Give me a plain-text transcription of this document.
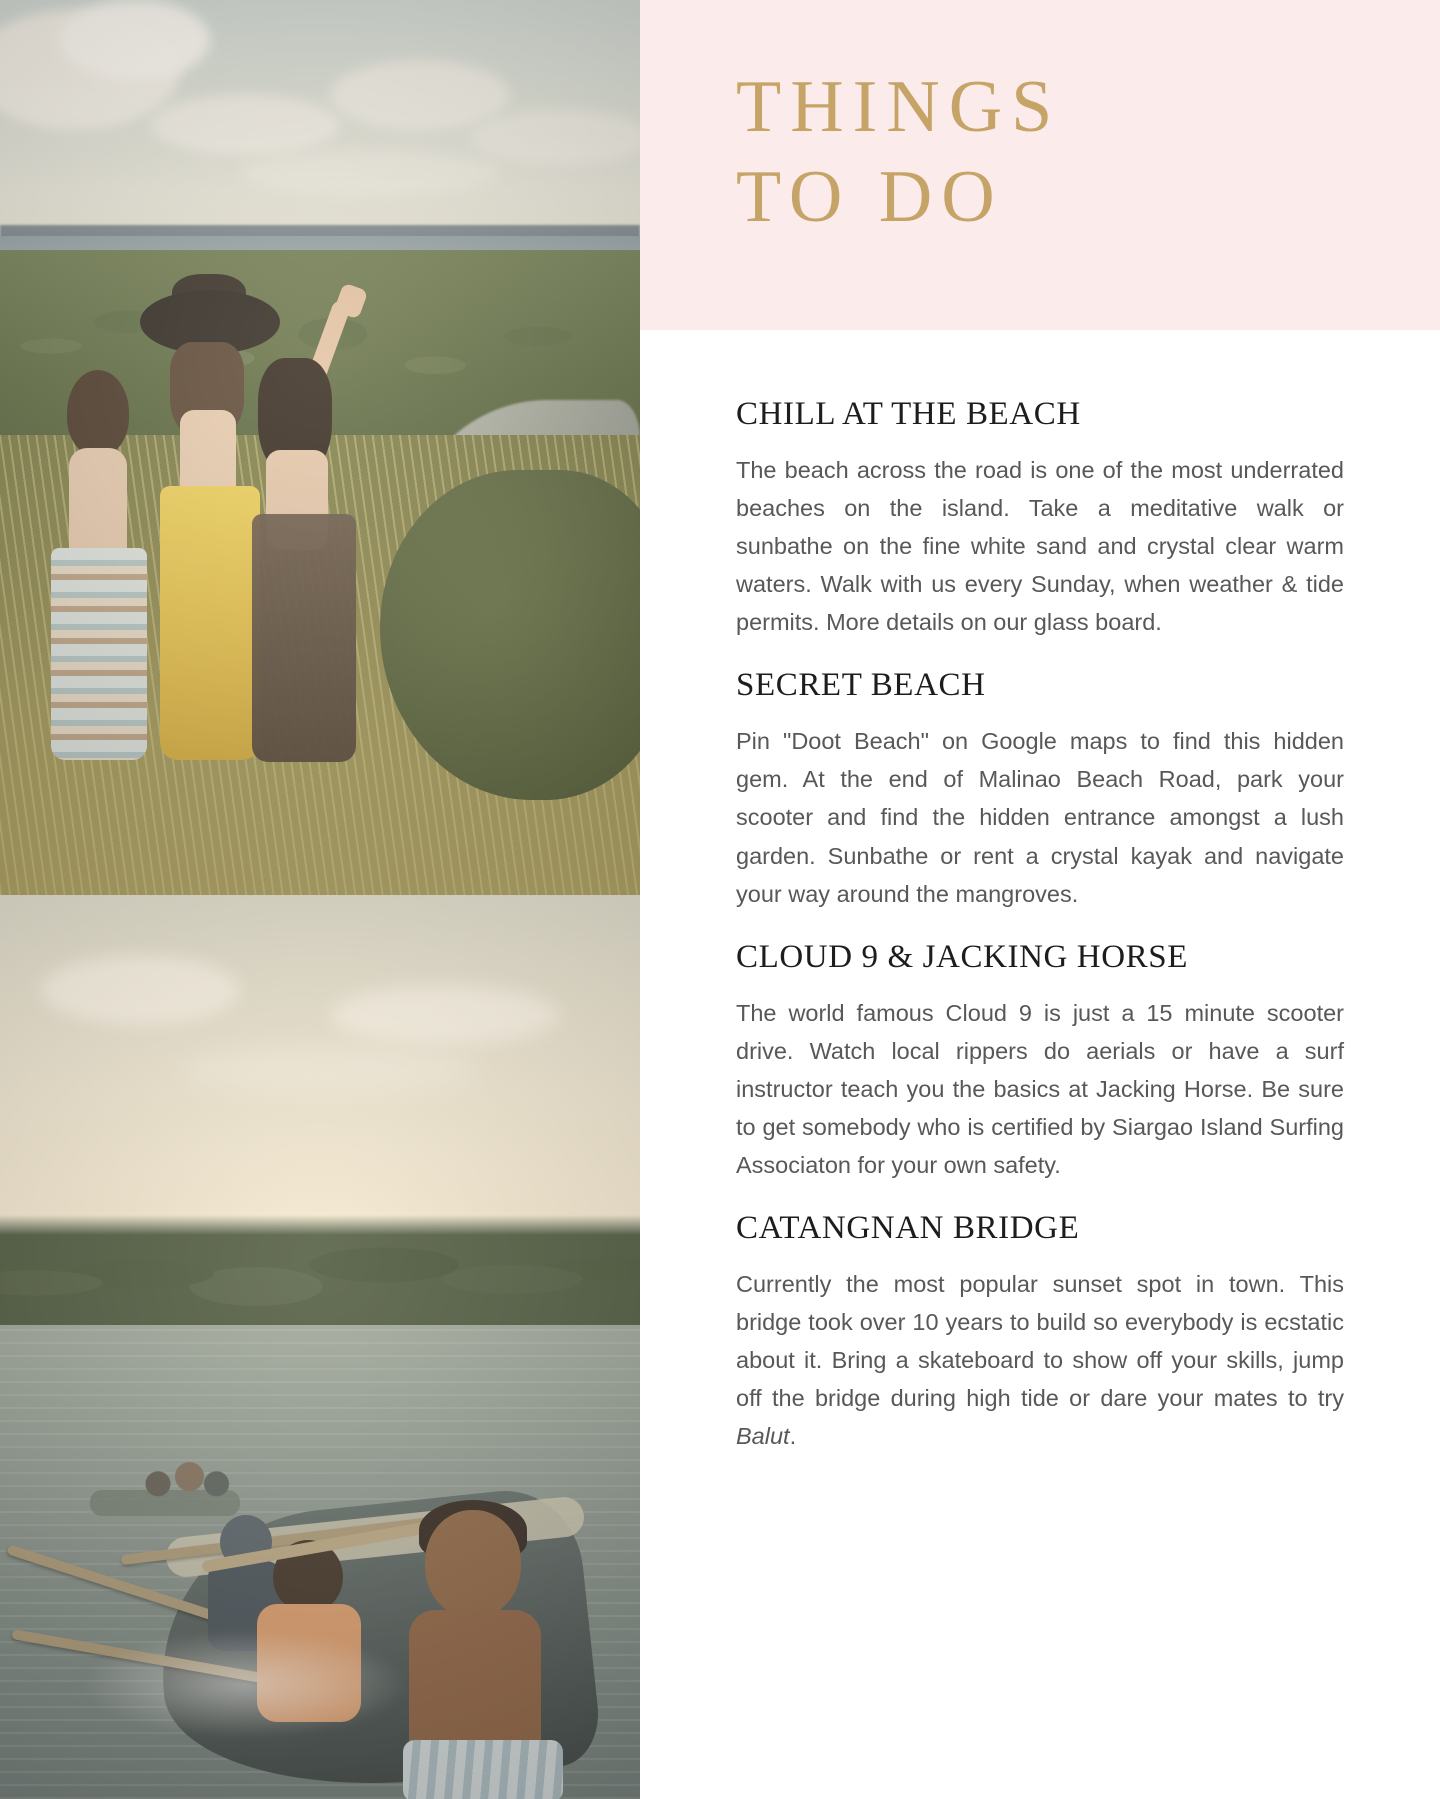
THINGS
TO DO
CHILL AT THE BEACH

The beach across the road is one of the most underrated beaches on the island. Take a meditative walk or sunbathe on the fine white sand and crystal clear warm waters. Walk with us every Sunday, when weather & tide permits. More details on our glass board.

SECRET BEACH

Pin "Doot Beach" on Google maps to find this hidden gem. At the end of Malinao Beach Road, park your scooter and find the hidden entrance amongst a lush garden. Sunbathe or rent a crystal kayak and navigate your way around the mangroves.

CLOUD 9 & JACKING HORSE

The world famous Cloud 9 is just a 15 minute scooter drive. Watch local rippers do aerials or have a surf instructor teach you the basics at Jacking Horse. Be sure to get somebody who is certified by Siargao Island Surfing Associaton for your own safety.

CATANGNAN BRIDGE

Currently the most popular sunset spot in town. This bridge took over 10 years to build so everybody is ecstatic about it. Bring a skateboard to show off your skills, jump off the bridge during high tide or dare your mates to try Balut.
